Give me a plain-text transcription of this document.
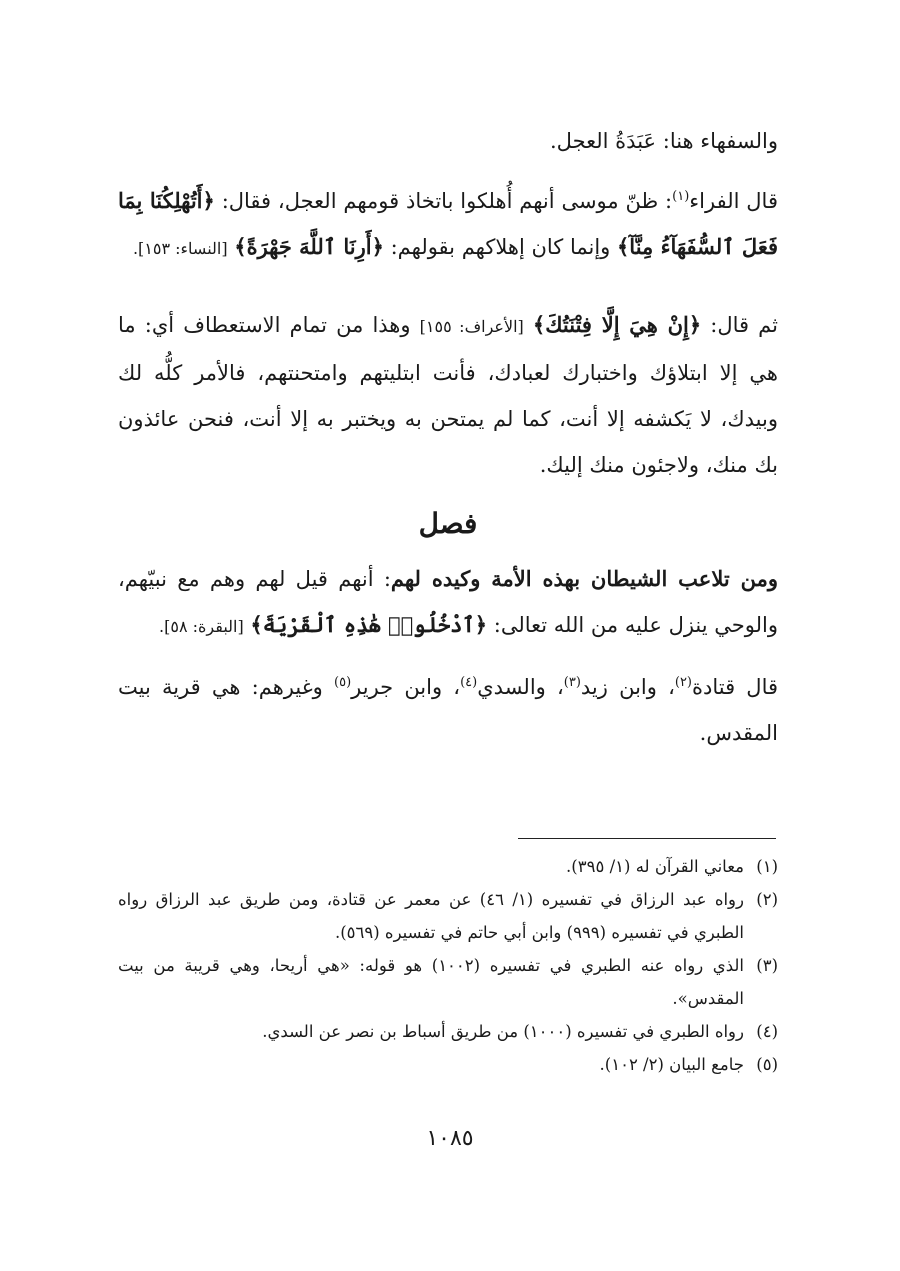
والسفهاء هنا: عَبَدَةُ العجل.

قال الفراء$^{(١)}$: ظنّ موسى أنهم أُهلكوا باتخاذ قومهم العجل، فقال: ﴿أَتُهْلِكُنَا بِمَا فَعَلَ ٱلسُّفَهَآءُ مِنَّآ﴾ وإنما كان إهلاكهم بقولهم: ﴿أَرِنَا ٱللَّهَ جَهْرَةً﴾ [النساء: ١٥٣].

ثم قال: ﴿إِنْ هِيَ إِلَّا فِتْنَتُكَ﴾ [الأعراف: ١٥٥] وهذا من تمام الاستعطاف أي: ما هي إلا ابتلاؤك واختبارك لعبادك، فأنت ابتليتهم وامتحنتهم، فالأمر كلُّه لك وبيدك، لا يَكشفه إلا أنت، كما لم يمتحن به ويختبر به إلا أنت، فنحن عائذون بك منك، ولاجئون منك إليك.

فصل

ومن تلاعب الشيطان بهذه الأمة وكيده لهم: أنهم قيل لهم وهم مع نبيّهم، والوحي ينزل عليه من الله تعالى: ﴿ٱدْخُلُوا۟ هَٰذِهِ ٱلْقَرْيَةَ﴾ [البقرة: ٥٨].

قال قتادة$^{(٢)}$، وابن زيد$^{(٣)}$، والسدي$^{(٤)}$، وابن جرير$^{(٥)}$ وغيرهم: هي قرية بيت المقدس.

(١)
معاني القرآن له (١/ ٣٩٥).
(٢)
رواه عبد الرزاق في تفسيره (١/ ٤٦) عن معمر عن قتادة، ومن طريق عبد الرزاق رواه الطبري في تفسيره (٩٩٩) وابن أبي حاتم في تفسيره (٥٦٩).
(٣)
الذي رواه عنه الطبري في تفسيره (١٠٠٢) هو قوله: «هي أريحا، وهي قريبة من بيت المقدس».
(٤)
رواه الطبري في تفسيره (١٠٠٠) من طريق أسباط بن نصر عن السدي.
(٥)
جامع البيان (٢/ ١٠٢).
١٠٨٥
